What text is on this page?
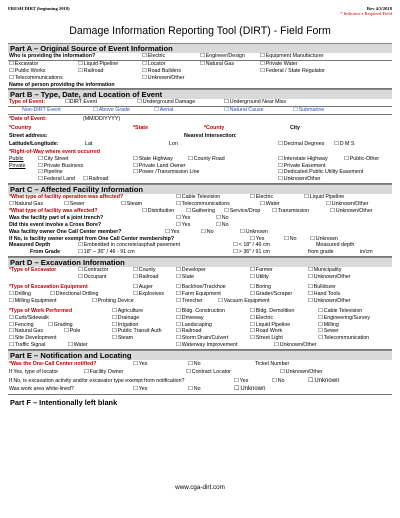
FRESH DIRT (beginning 2018)	Rev 4/3/2018
* Indicates a Required Field
Damage Information Reporting Tool (DIRT) - Field Form
Part A – Original Source of Event Information
Who is providing the information?	☐ Electric	☐ Engineer/Design	☐ Equipment Manufacturer
☐ Excavator	☐ Liquid Pipeline	☐ Locator	☐ Natural Gas	☐ Private Water
☐ Public Works	☐ Railroad	☐ Road Builders	☐ Federal / State Regulator
☐ Telecommunications	☐ Unknown/Other
Name of person providing the information
Part B – Type, Date, and Location of Event
Type of Event:	☐ DIRT Event	☐ Underground Damage	☐ Underground Near Miss
Non-DIRT Event	☐ Above Grade	☐ Aerial	☐ Natural Cause	☐ Submarine
*Date of Event:	(MM/DD/YYYY)
*Country	*State	*County	City
Street address:	Nearest Intersection:
Latitude/Longitude:	Lat	Lon	☐ Decimal Degrees	☐ D M S
*Right-of-Way where event occurred
Public	☐ City Street	☐ State Highway	☐ County Road	☐ Interstate Highway	☐ Public-Other
Private	☐ Private Business	☐ Private Land Owner	☐ Private Easement
☐ Pipeline	☐ Power /Transmission Line	☐ Dedicated Public Utility Easement
☐ Federal Land	☐ Railroad	☐ Unknown/Other
Part C – Affected Facility Information
*What type of facility operation was affected?	☐ Cable Television	☐ Electric	☐ Liquid Pipeline
☐ Natural Gas	☐ Sewer	☐ Steam	☐ Telecommunications	☐ Water	☐ Unknown/Other
*What type of facility was affected?	☐ Distribution	☐ Gathering	☐ Service/Drop	☐ Transmission	☐ Unknown/Other
Was the facility part of a joint trench?	☐ Yes	☐ No
Did this event involve a Cross Bore?	☐ Yes	☐ No
Was facility owner One Call Center member?	☐ Yes	☐ No	☐ Unknown
If No, is facility owner exempt from One Call Center membership?	☐ Yes	☐ No	☐ Unknown
Measured Depth	☐ Embedded in concrete/asphalt pavement	☐ < 18" / 46 cm	Measured depth
From Grade	☐ 18" – 36" / 46 - 91 cm	☐ > 36" / 91 cm	from grade	in/cm
Part D – Excavation Information
*Type of Excavator	☐ Contractor	☐ County	☐ Developer	☐ Farmer	☐ Municipality
☐ Occupant	☐ Railroad	☐ State	☐ Utility	☐ Unknown/Other
*Type of Excavation Equipment	☐ Auger	☐ Backhoe/Trackhoe	☐ Boring	☐ Bulldozer
☐ Drilling	☐ Directional Drilling	☐ Explosives	☐ Farm Equipment	☐ Grader/Scraper	☐ Hand Tools
☐ Milling Equipment	☐ Probing Device	☐ Trencher	☐ Vacuum Equipment	☐ Unknown/Other
*Type of Work Performed	☐ Agriculture	☐ Bldg. Construction	☐ Bldg. Demolition	☐ Cable Television
☐ Curb/Sidewalk	☐ Drainage	☐ Driveway	☐ Electric	☐ Engineering/Survey
☐ Fencing	☐ Grading	☐ Irrigation	☐ Landscaping	☐ Liquid Pipeline	☐ Milling
☐ Natural Gas	☐ Pole	☐ Public Transit Auth	☐ Railroad	☐ Road Work	☐ Sewer
☐ Site Development	☐ Steam	☐ Storm Drain/Culvert	☐ Street Light	☐ Telecommunication
☐ Traffic Signal	☐ Water	☐ Waterway Improvement	☐ Unknown/Other
Part E – Notification and Locating
*Was the One-Call Center notified?	☐ Yes	☐ No	Ticket Number
If Yes, type of locator	☐ Facility Owner	☐ Contract Locator	☐ Unknown/Other
If No, is excavation activity and/or excavator type exempt from notification?	☐ Yes	☐ No	☐ Unknown
Was work area white-lined?	☐ Yes	☐ No	☐ Unknown
Part F – Intentionally left blank
www.cga-dirt.com
